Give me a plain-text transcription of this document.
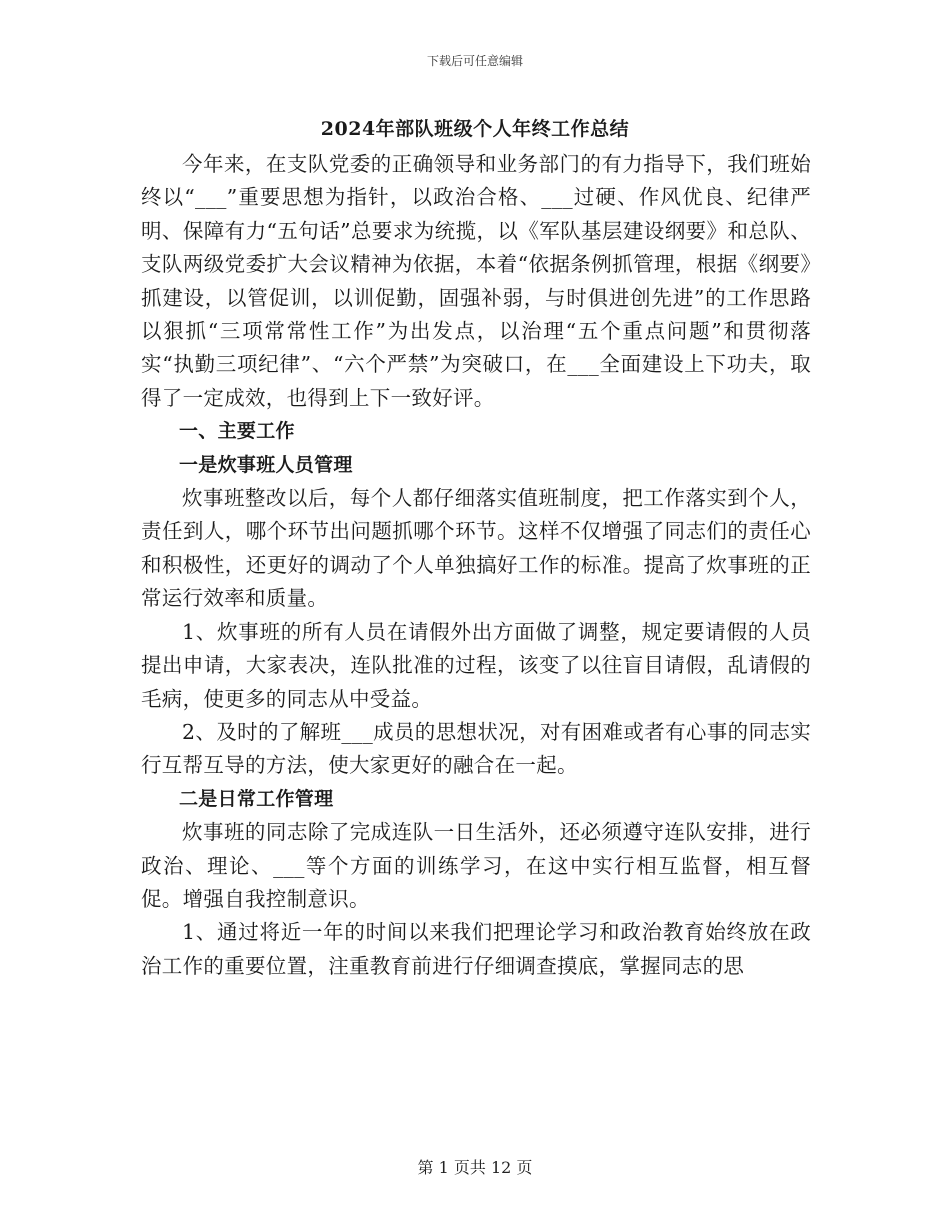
下载后可任意编辑
2024年部队班级个人年终工作总结

今年来，在支队党委的正确领导和业务部门的有力指导下，我们班始终以“___”重要思想为指针，以政治合格、___过硬、作风优良、纪律严明、保障有力“五句话”总要求为统揽，以《军队基层建设纲要》和总队、支队两级党委扩大会议精神为依据，本着“依据条例抓管理，根据《纲要》抓建设，以管促训，以训促勤，固强补弱，与时俱进创先进”的工作思路以狠抓“三项常常性工作”为出发点，以治理“五个重点问题”和贯彻落实“执勤三项纪律”、“六个严禁”为突破口，在___全面建设上下功夫，取得了一定成效，也得到上下一致好评。

一、主要工作

一是炊事班人员管理

炊事班整改以后，每个人都仔细落实值班制度，把工作落实到个人，责任到人，哪个环节出问题抓哪个环节。这样不仅增强了同志们的责任心和积极性，还更好的调动了个人单独搞好工作的标准。提高了炊事班的正常运行效率和质量。

1、炊事班的所有人员在请假外出方面做了调整，规定要请假的人员提出申请，大家表决，连队批准的过程，该变了以往盲目请假，乱请假的毛病，使更多的同志从中受益。

2、及时的了解班___成员的思想状况，对有困难或者有心事的同志实行互帮互导的方法，使大家更好的融合在一起。

二是日常工作管理

炊事班的同志除了完成连队一日生活外，还必须遵守连队安排，进行政治、理论、___等个方面的训练学习，在这中实行相互监督，相互督促。增强自我控制意识。

1、通过将近一年的时间以来我们把理论学习和政治教育始终放在政治工作的重要位置，注重教育前进行仔细调查摸底，掌握同志的思

第 1 页共 12 页
